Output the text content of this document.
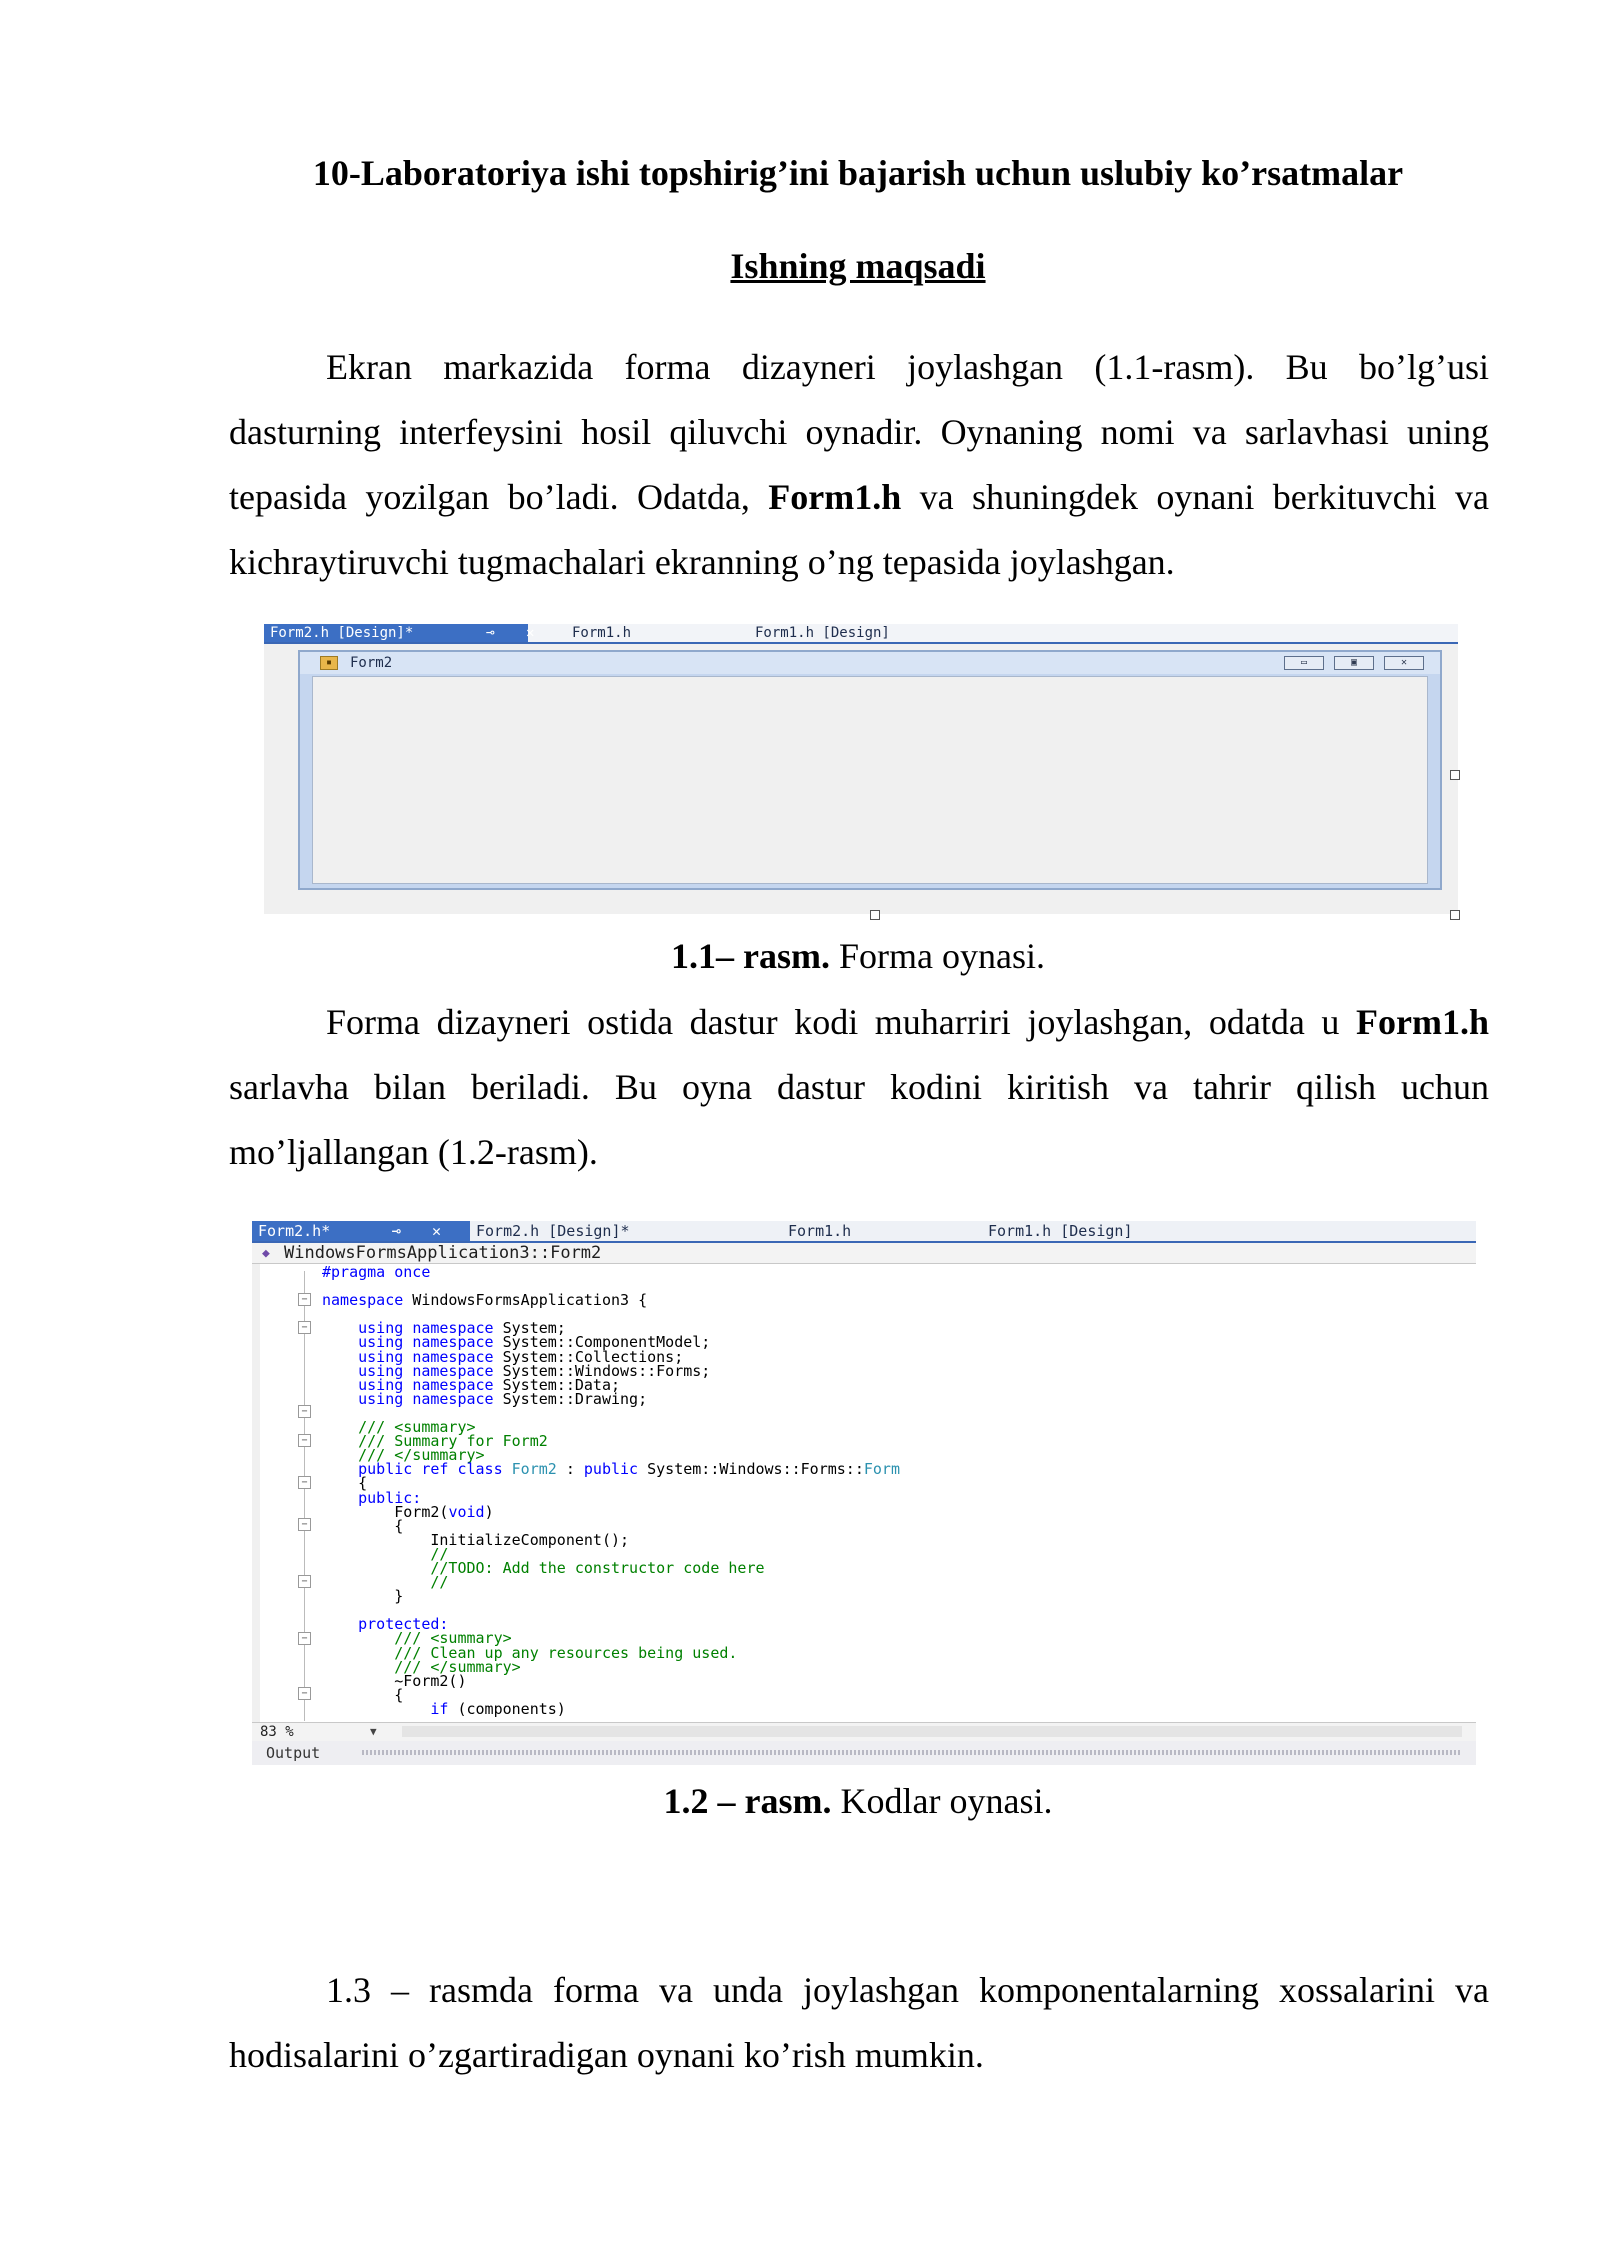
10-Laboratoriya ishi topshirig’ini bajarish uchun uslubiy ko’rsatmalar
Ishning maqsadi
Ekran markazida forma dizayneri joylashgan (1.1-rasm). Bu bo’lg’usi
dasturning interfeysini hosil qiluvchi oynadir. Oynaning nomi va sarlavhasi uning
tepasida yozilgan bo’ladi. Odatda, Form1.h va shuningdek oynani berkituvchi va
kichraytiruvchi tugmachalari ekranning o’ng tepasida joylashgan.
Form2.h [Design]*	⊸ ✕	Form1.h	Form1.h [Design]
▪	Form2	▭	▣	✕
1.1– rasm. Forma oynasi.
Forma dizayneri ostida dastur kodi muharriri joylashgan, odatda u Form1.h
sarlavha bilan beriladi. Bu oyna dastur kodini kiritish va tahrir qilish uchun
mo’ljallangan (1.2-rasm).
Form2.h*	⊸ ✕	Form2.h [Design]*	Form1.h	Form1.h [Design]
◆ WindowsFormsApplication3::Form2
−
−
−
−
−
−
−
−
−
#pragma once

namespace WindowsFormsApplication3 {

using namespace System;
using namespace System::ComponentModel;
using namespace System::Collections;
using namespace System::Windows::Forms;
using namespace System::Data;
using namespace System::Drawing;

/// <summary>
/// Summary for Form2
/// </summary>
public ref class Form2 : public System::Windows::Forms::Form
{
public:
Form2(void)
{
InitializeComponent();
//
//TODO: Add the constructor code here
//
}

protected:
/// <summary>
/// Clean up any resources being used.
/// </summary>
~Form2()
{
if (components)
83 %	▼
Output
1.2 – rasm. Kodlar oynasi.
1.3 – rasmda forma va unda joylashgan komponentalarning xossalarini va
hodisalarini o’zgartiradigan oynani ko’rish mumkin.
